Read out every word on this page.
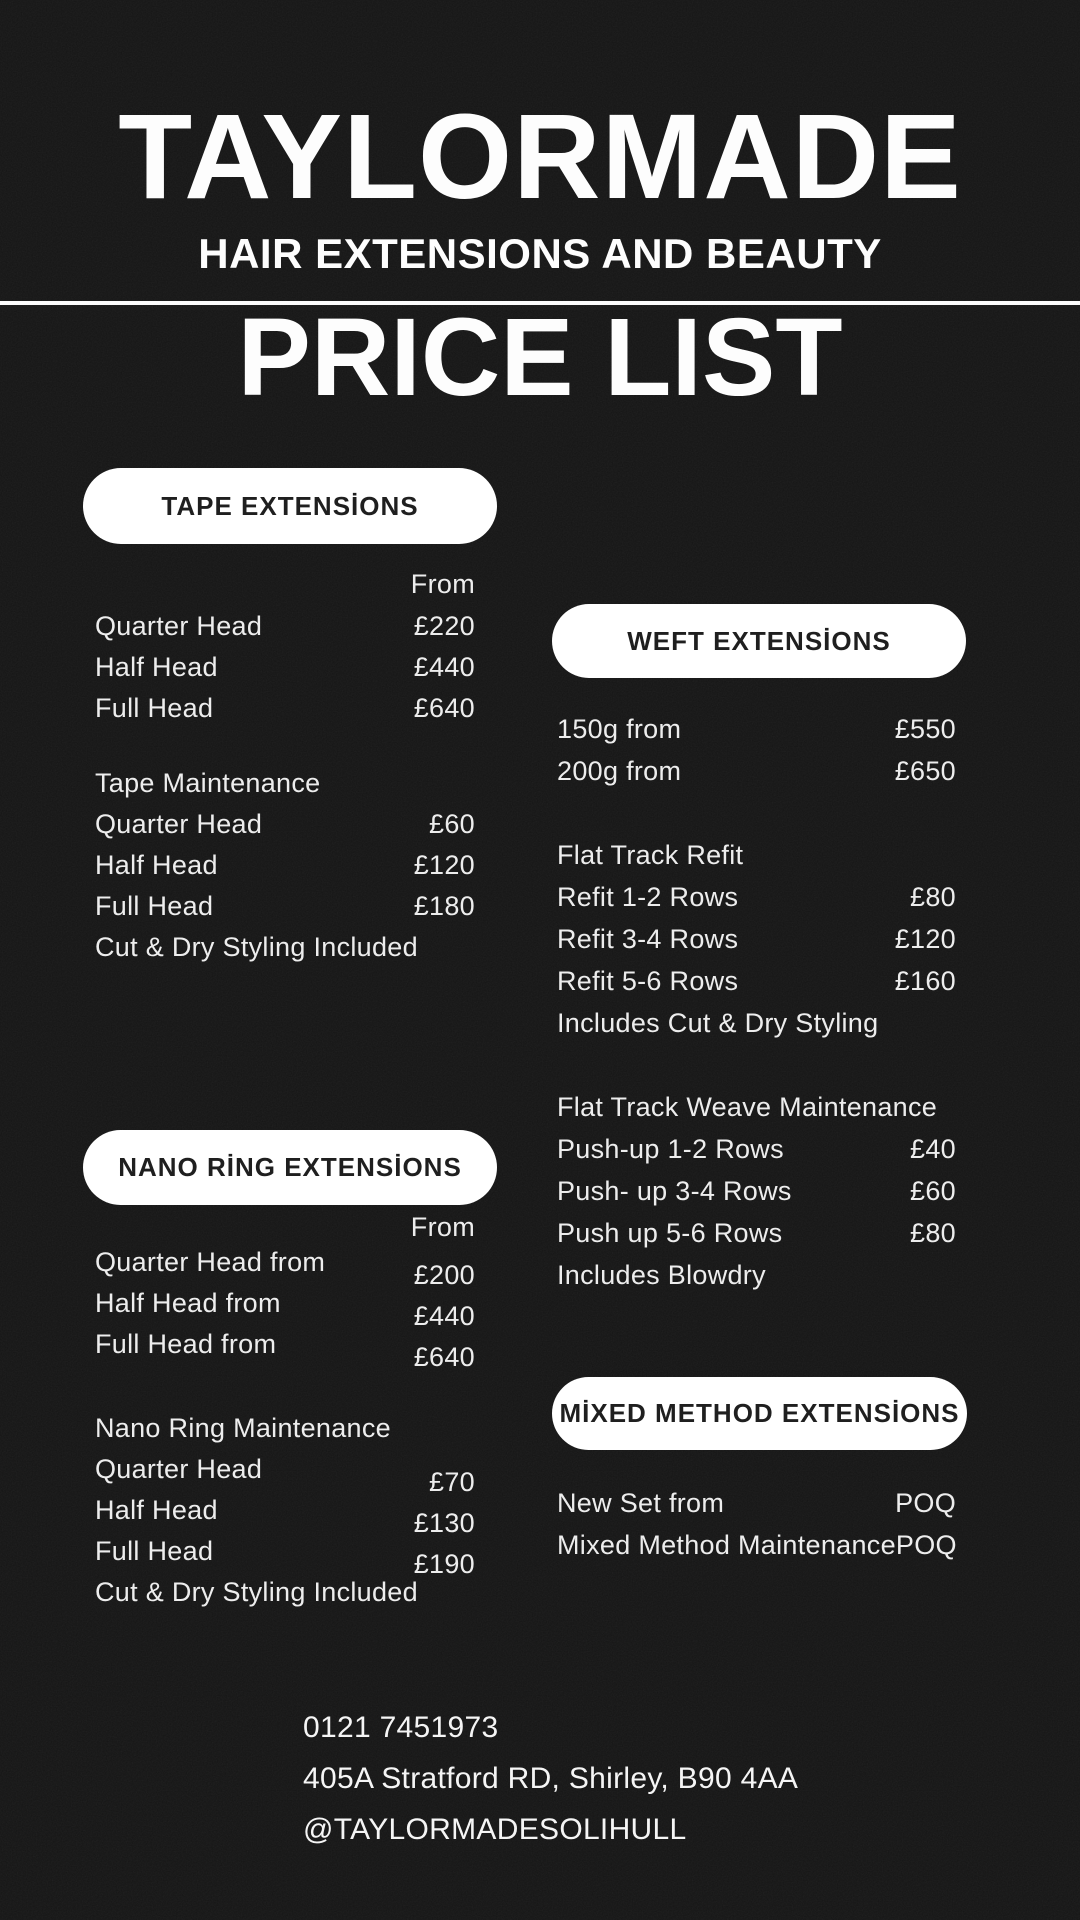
TAYLORMADE
HAIR EXTENSIONS AND BEAUTY
PRICE LIST
TAPE EXTENSİONS
From
Quarter Head	£220
Half Head	£440
Full Head	£640
Tape Maintenance
Quarter Head	£60
Half Head	£120
Full Head	£180
Cut & Dry Styling Included
NANO RİNG EXTENSİONS
From
Quarter Head from	£200
Half Head from	£440
Full Head from	£640
Nano Ring Maintenance
Quarter Head	£70
Half Head	£130
Full Head	£190
Cut & Dry Styling Included
WEFT EXTENSİONS
150g from	£550
200g from	£650
Flat Track Refit
Refit 1-2 Rows	£80
Refit 3-4 Rows	£120
Refit 5-6 Rows	£160
Includes Cut & Dry Styling
Flat Track Weave Maintenance
Push-up 1-2 Rows	£40
Push- up 3-4 Rows	£60
Push up 5-6 Rows	£80
Includes Blowdry
MİXED METHOD EXTENSİONS
New Set from	POQ
Mixed Method Maintenance POQ
0121 7451973
405A Stratford RD, Shirley, B90 4AA
@TAYLORMADESOLIHULL
